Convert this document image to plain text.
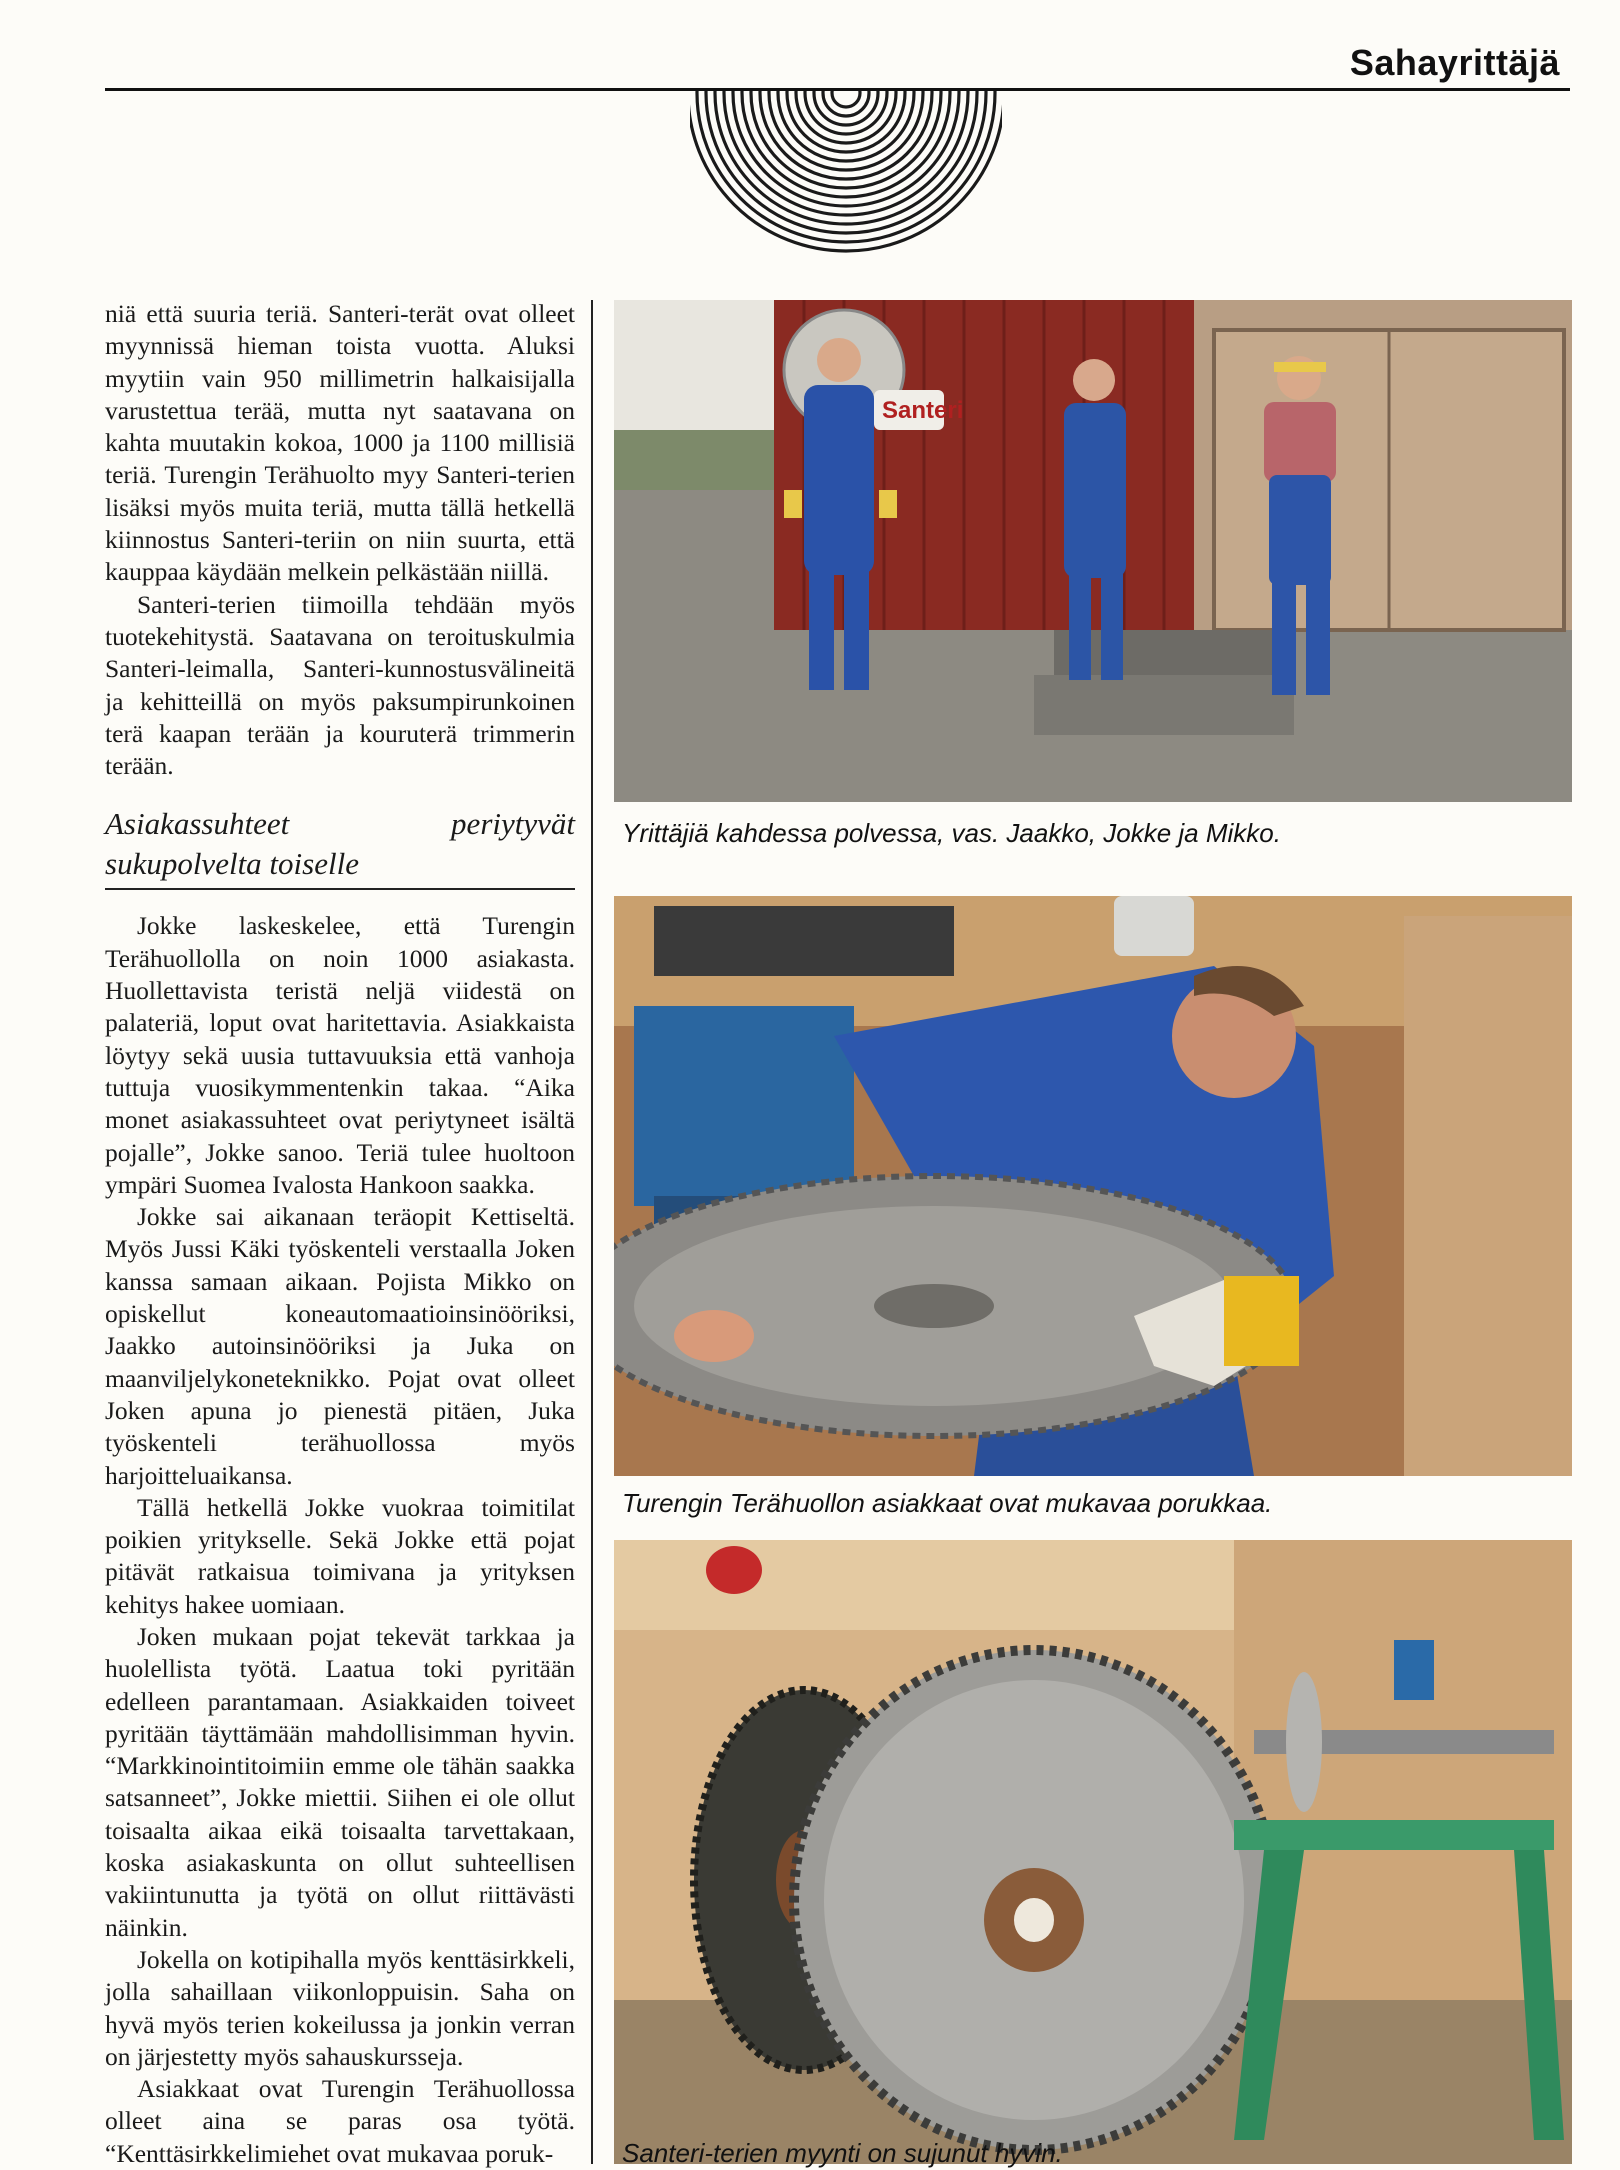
Sahayrittäjä

niä että suuria teriä. Santeri-terät ovat olleet myynnissä hieman toista vuotta. Aluksi myytiin vain 950 millimetrin halkaisijalla varustettua terää, mutta nyt saatavana on kahta muutakin kokoa, 1000 ja 1100 millisiä teriä. Turengin Terähuolto myy Santeri-terien lisäksi myös muita teriä, mutta tällä hetkellä kiinnostus Santeri-teriin on niin suurta, että kauppaa käydään melkein pelkästään niillä.

Santeri-terien tiimoilla tehdään myös tuotekehitystä. Saatavana on teroituskulmia Santeri-leimalla, Santeri-kunnostusvälineitä ja kehitteillä on myös paksumpirunkoinen terä kaapan terään ja kouruterä trimmerin terään.

Asiakassuhteet periytyvät sukupolvelta toiselle

Jokke laskeskelee, että Turengin Terähuollolla on noin 1000 asiakasta. Huollettavista teristä neljä viidestä on palateriä, loput ovat haritettavia. Asiakkaista löytyy sekä uusia tuttavuuksia että vanhoja tuttuja vuosikymmentenkin takaa. “Aika monet asiakassuhteet ovat periytyneet isältä pojalle”, Jokke sanoo. Teriä tulee huoltoon ympäri Suomea Ivalosta Hankoon saakka.

Jokke sai aikanaan teräopit Kettiseltä. Myös Jussi Käki työskenteli verstaalla Joken kanssa samaan aikaan. Pojista Mikko on opiskellut koneautomaatioinsinööriksi, Jaakko autoinsinööriksi ja Juka on maanviljelykoneteknikko. Pojat ovat olleet Joken apuna jo pienestä pitäen, Juka työskenteli terähuollossa myös harjoitteluaikansa.

Tällä hetkellä Jokke vuokraa toimitilat poikien yritykselle. Sekä Jokke että pojat pitävät ratkaisua toimivana ja yrityksen kehitys hakee uomiaan.

Joken mukaan pojat tekevät tarkkaa ja huolellista työtä. Laatua toki pyritään edelleen parantamaan. Asiakkaiden toiveet pyritään täyttämään mahdollisimman hyvin. “Markkinointitoimiin emme ole tähän saakka satsanneet”, Jokke miettii. Siihen ei ole ollut toisaalta aikaa eikä toisaalta tarvettakaan, koska asiakaskunta on ollut suhteellisen vakiintunutta ja työtä on ollut riittävästi näinkin.

Jokella on kotipihalla myös kenttäsirkkeli, jolla sahaillaan viikonloppuisin. Saha on hyvä myös terien kokeilussa ja jonkin verran on järjestetty myös sahauskursseja.

Asiakkaat ovat Turengin Terähuollossa olleet aina se paras osa työtä. “Kenttäsirkkelimiehet ovat mukavaa poruk-

Santeri
Yrittäjiä kahdessa polvessa, vas. Jaakko, Jokke ja Mikko.
Turengin Terähuollon asiakkaat ovat mukavaa porukkaa.
Santeri-terien myynti on sujunut hyvin.
